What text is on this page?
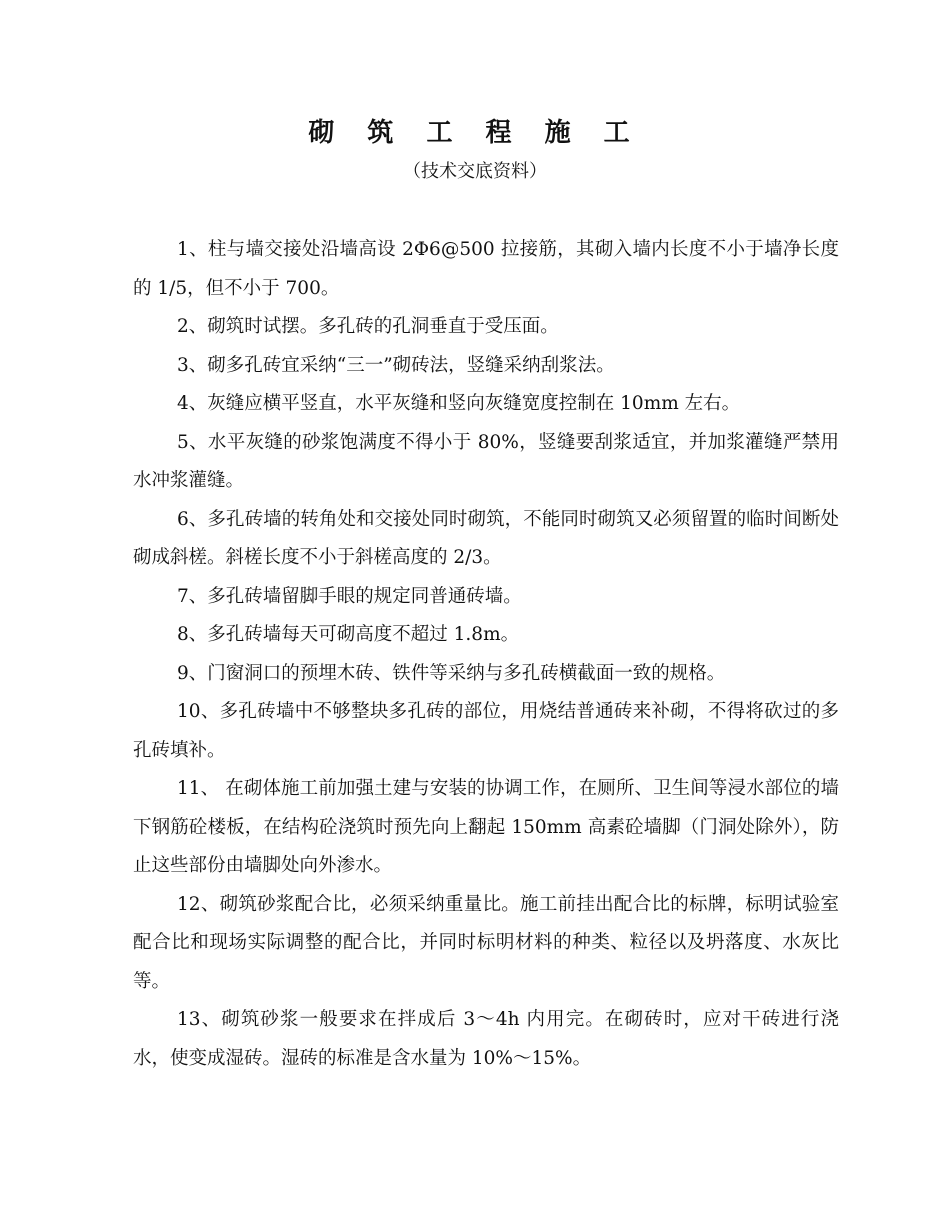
砌 筑 工 程 施 工
（技术交底资料）

1、柱与墙交接处沿墙高设 2Φ6@500 拉接筋，其砌入墙内长度不小于墙净长度的 1/5，但不小于 700。

2、砌筑时试摆。多孔砖的孔洞垂直于受压面。

3、砌多孔砖宜采纳“三一”砌砖法，竖缝采纳刮浆法。

4、灰缝应横平竖直，水平灰缝和竖向灰缝宽度控制在 10mm 左右。

5、水平灰缝的砂浆饱满度不得小于 80%，竖缝要刮浆适宜，并加浆灌缝严禁用水冲浆灌缝。

6、多孔砖墙的转角处和交接处同时砌筑，不能同时砌筑又必须留置的临时间断处砌成斜槎。斜槎长度不小于斜槎高度的 2/3。

7、多孔砖墙留脚手眼的规定同普通砖墙。

8、多孔砖墙每天可砌高度不超过 1.8m。

9、门窗洞口的预埋木砖、铁件等采纳与多孔砖横截面一致的规格。

10、多孔砖墙中不够整块多孔砖的部位，用烧结普通砖来补砌，不得将砍过的多孔砖填补。

11、 在砌体施工前加强土建与安装的协调工作，在厕所、卫生间等浸水部位的墙下钢筋砼楼板，在结构砼浇筑时预先向上翻起 150mm 高素砼墙脚（门洞处除外），防止这些部份由墙脚处向外渗水。

12、砌筑砂浆配合比，必须采纳重量比。施工前挂出配合比的标牌，标明试验室配合比和现场实际调整的配合比，并同时标明材料的种类、粒径以及坍落度、水灰比等。

13、砌筑砂浆一般要求在拌成后 3～4h 内用完。在砌砖时，应对干砖进行浇水，使变成湿砖。湿砖的标准是含水量为 10%～15%。
